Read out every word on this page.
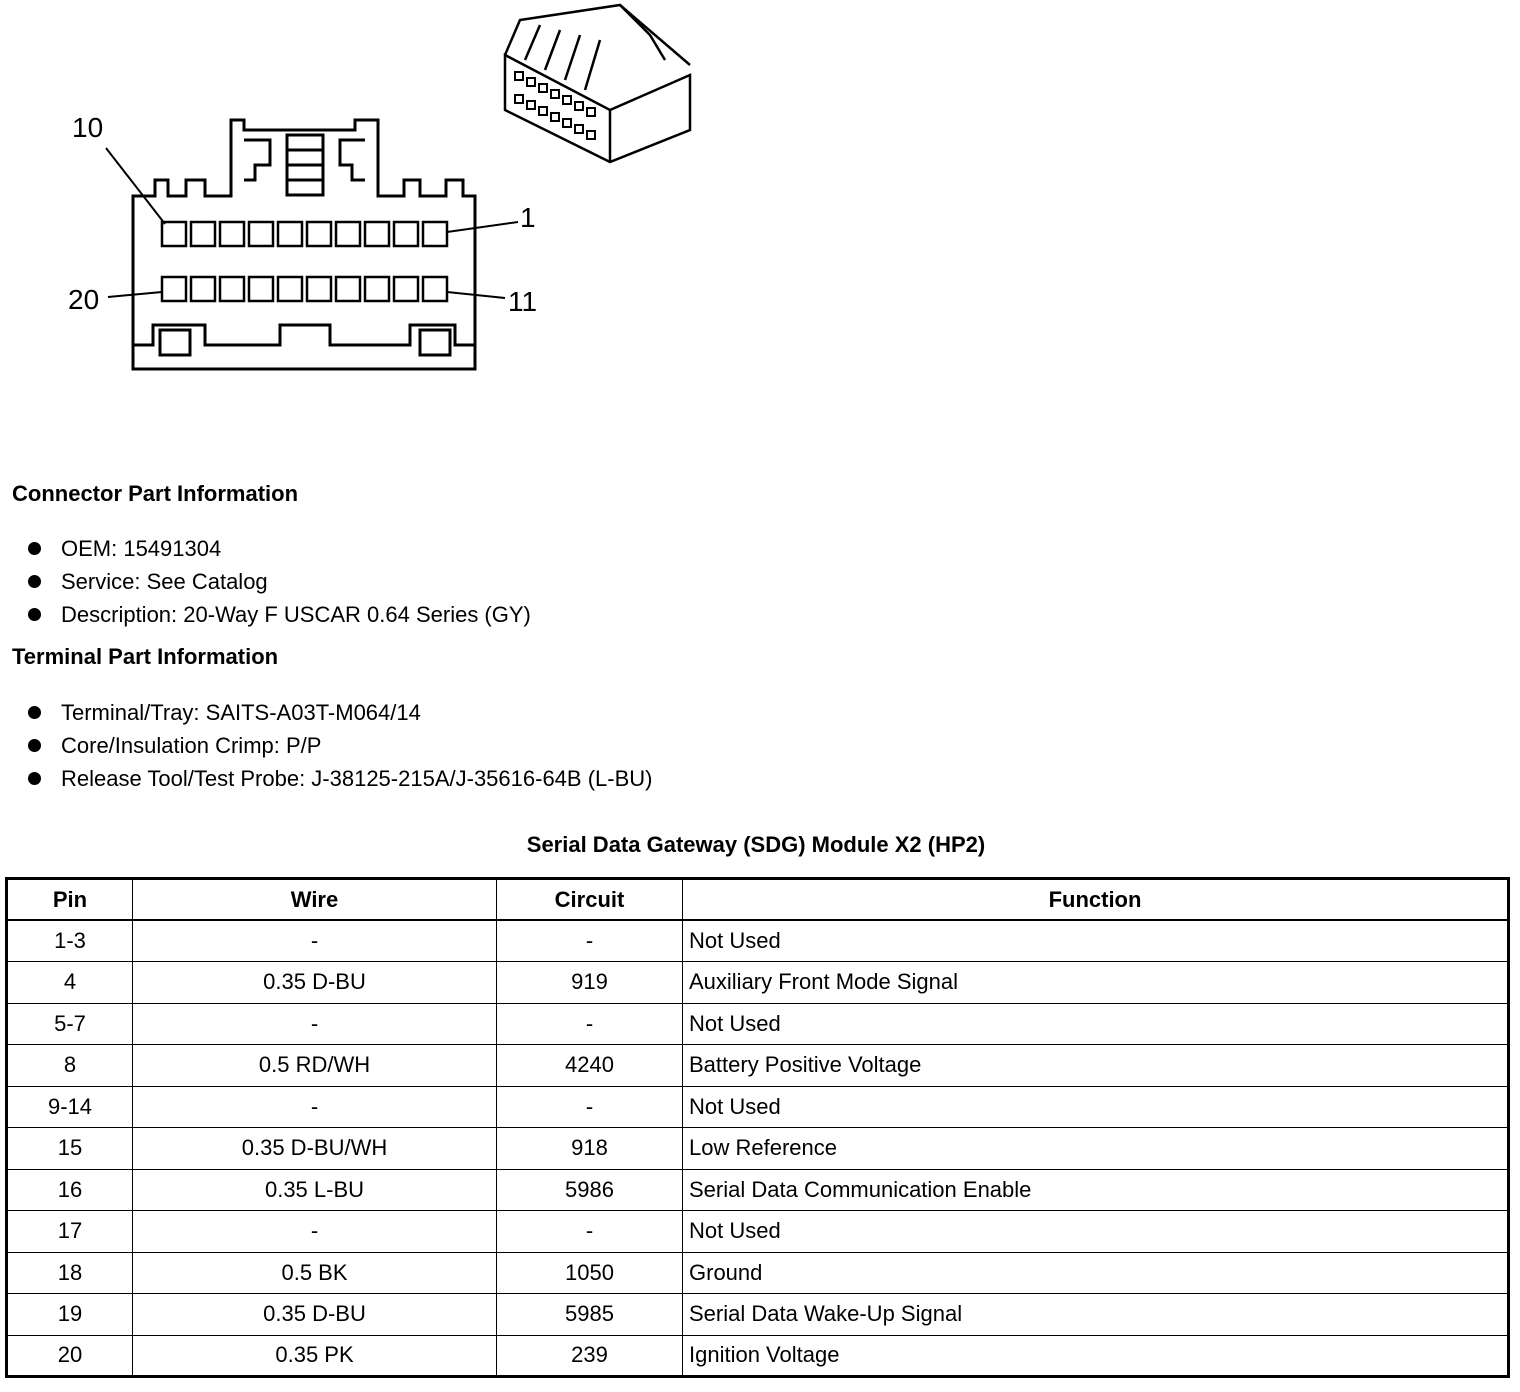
10
1
20	11
Connector Part Information
OEM: 15491304
Service: See Catalog
Description: 20-Way F USCAR 0.64 Series (GY)
Terminal Part Information
Terminal/Tray: SAITS-A03T-M064/14
Core/Insulation Crimp: P/P
Release Tool/Test Probe: J-38125-215A/J-35616-64B (L-BU)
Serial Data Gateway (SDG) Module X2 (HP2)
Pin	Wire	Circuit	Function
1-3	-	-	Not Used
4	0.35 D-BU	919	Auxiliary Front Mode Signal
5-7	-	-	Not Used
8	0.5 RD/WH	4240	Battery Positive Voltage
9-14	-	-	Not Used
15	0.35 D-BU/WH	918	Low Reference
16	0.35 L-BU	5986	Serial Data Communication Enable
17	-	-	Not Used
18	0.5 BK	1050	Ground
19	0.35 D-BU	5985	Serial Data Wake-Up Signal
20	0.35 PK	239	Ignition Voltage
